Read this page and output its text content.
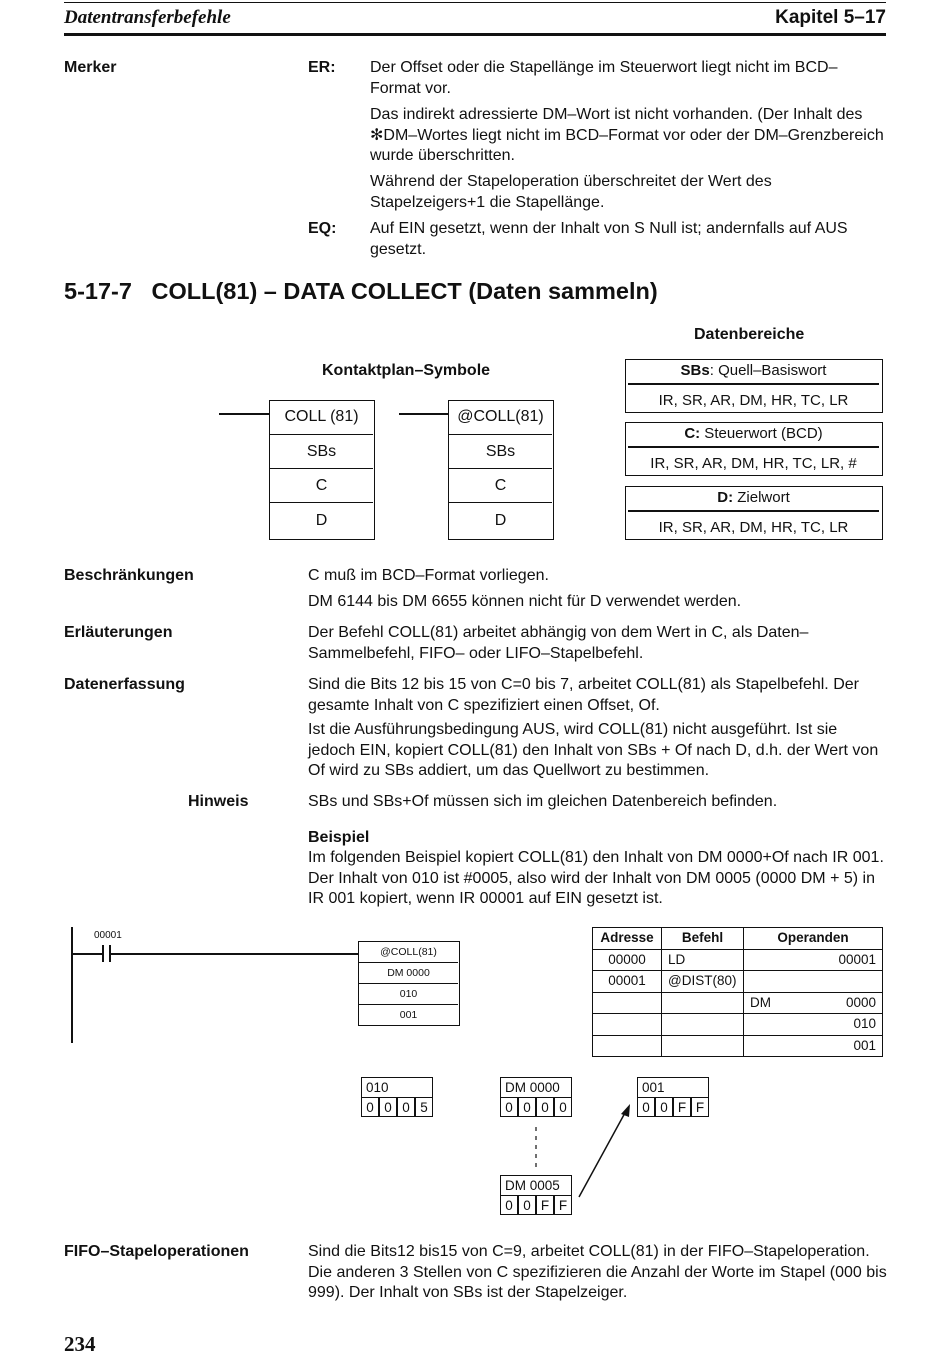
Datentransferbefehle	Kapitel 5–17
Merker	ER: Der Offset oder die Stapellänge im Steuerwort liegt nicht im BCD–Format vor.
Das indirekt adressierte DM–Wort ist nicht vorhanden. (Der Inhalt des ✻DM–Wortes liegt nicht im BCD–Format vor oder der DM–Grenzbereich wurde überschritten.
Während der Stapeloperation überschreitet der Wert des Stapelzeigers+1 die Stapellänge.
EQ: Auf EIN gesetzt, wenn der Inhalt von S Null ist; andernfalls auf AUS gesetzt.
5-17-7   COLL(81) – DATA COLLECT (Daten sammeln)
Kontaktplan–Symbole
COLL (81)
SBs
C
D
@COLL(81)
SBs
C
D
Datenbereiche
SBs: Quell–Basiswort
IR, SR, AR, DM, HR, TC, LR
C: Steuerwort (BCD)
IR, SR, AR, DM, HR, TC, LR, #
D: Zielwort
IR, SR, AR, DM, HR, TC, LR
Beschränkungen	C muß im BCD–Format vorliegen.
DM 6144 bis DM 6655 können nicht für D verwendet werden.
Erläuterungen	Der Befehl COLL(81) arbeitet abhängig von dem Wert in C, als Daten–Sammelbefehl, FIFO– oder LIFO–Stapelbefehl.
Datenerfassung	Sind die Bits 12 bis 15 von C=0 bis 7, arbeitet COLL(81) als Stapelbefehl. Der gesamte Inhalt von C spezifiziert einen Offset, Of.
Ist die Ausführungsbedingung AUS, wird COLL(81) nicht ausgeführt. Ist sie jedoch EIN, kopiert COLL(81) den Inhalt von SBs + Of nach D, d.h. der Wert von Of wird zu SBs addiert, um das Quellwort zu bestimmen.
Hinweis	SBs und SBs+Of müssen sich im gleichen Datenbereich befinden.
Beispiel
Im folgenden Beispiel kopiert COLL(81) den Inhalt von DM 0000+Of nach IR 001. Der Inhalt von 010 ist #0005, also wird der Inhalt von DM 0005 (0000 DM + 5) in IR 001 kopiert, wenn IR 00001 auf EIN gesetzt ist.
00001
@COLL(81)
DM 0000
010
001
Adresse	Befehl	Operanden	
00000	LD		00001
00001	@DIST(80)		
		DM	0000
			010
			001
010
0 0 0 5
DM 0000
0 0 0 0
001
0 0 F F
DM 0005
0 0 F F
FIFO–Stapeloperationen	Sind die Bits12 bis15 von C=9, arbeitet COLL(81) in der FIFO–Stapeloperation. Die anderen 3 Stellen von C spezifizieren die Anzahl der Worte im Stapel (000 bis 999). Der Inhalt von SBs ist der Stapelzeiger.
234
